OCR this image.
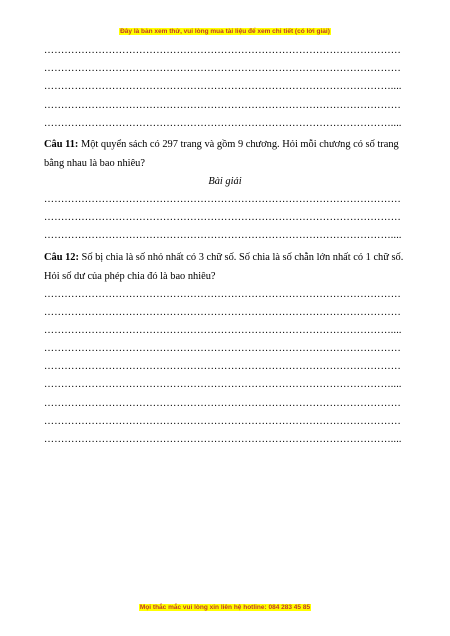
Đây là bản xem thử, vui lòng mua tài liệu để xem chi tiết (có lời giải)
……………………………………………………………………………………………
……………………………………………………………………………………………
…………………………………………………………………………………………....
……………………………………………………………………………………………
…………………………………………………………………………………………....

Câu 11: Một quyển sách có 297 trang và gồm 9 chương. Hỏi mỗi chương có số trang bằng nhau là bao nhiêu?

Bài giải
……………………………………………………………………………………………
……………………………………………………………………………………………
…………………………………………………………………………………………....

Câu 12: Số bị chia là số nhỏ nhất có 3 chữ số. Số chia là số chẵn lớn nhất có 1 chữ số. Hỏi số dư của phép chia đó là bao nhiêu?

……………………………………………………………………………………………
……………………………………………………………………………………………
…………………………………………………………………………………………....
……………………………………………………………………………………………
……………………………………………………………………………………………
…………………………………………………………………………………………....
……………………………………………………………………………………………
……………………………………………………………………………………………
…………………………………………………………………………………………....
Mọi thắc mắc vui lòng xin liên hệ hotline: 084 283 45 85
